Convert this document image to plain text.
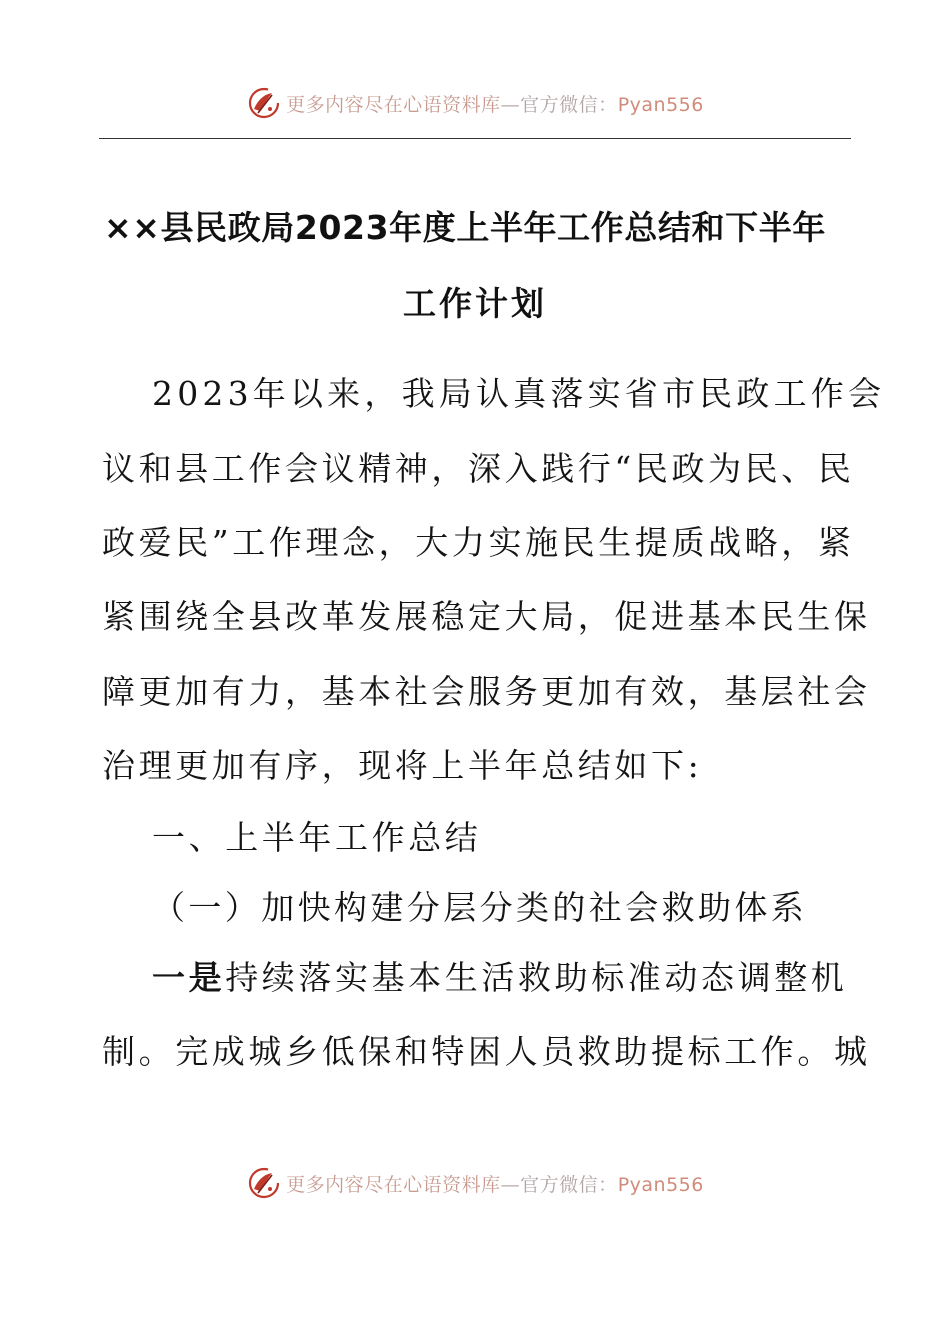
更多内容尽在心语资料库—官方微信：Pyan556
××县民政局2023年度上半年工作总结和下半年
工作计划
2023年以来，我局认真落实省市民政工作会
议和县工作会议精神，深入践行“民政为民、民
政爱民”工作理念，大力实施民生提质战略，紧
紧围绕全县改革发展稳定大局，促进基本民生保
障更加有力，基本社会服务更加有效，基层社会
治理更加有序，现将上半年总结如下:
一、上半年工作总结
（一）加快构建分层分类的社会救助体系
一是持续落实基本生活救助标准动态调整机
制。完成城乡低保和特困人员救助提标工作。城
更多内容尽在心语资料库—官方微信：Pyan556
